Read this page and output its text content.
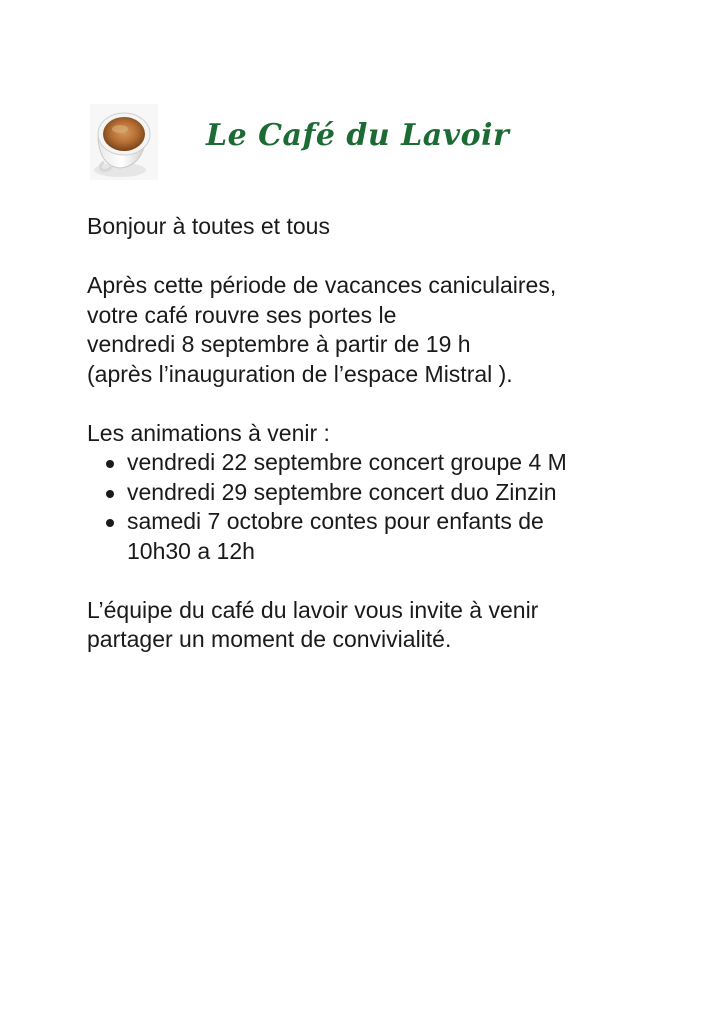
Le Café du Lavoir

Bonjour à toutes et tous

Après cette période de vacances caniculaires,

votre café rouvre ses portes le

vendredi 8 septembre à partir de 19 h

(après l’inauguration de l’espace Mistral ).

Les animations à venir :

vendredi 22 septembre concert groupe 4 M
vendredi 29 septembre concert duo Zinzin
samedi 7 octobre contes pour enfants de 10h30 a 12h

L’équipe du café du lavoir vous invite à venir

partager un moment de convivialité.
